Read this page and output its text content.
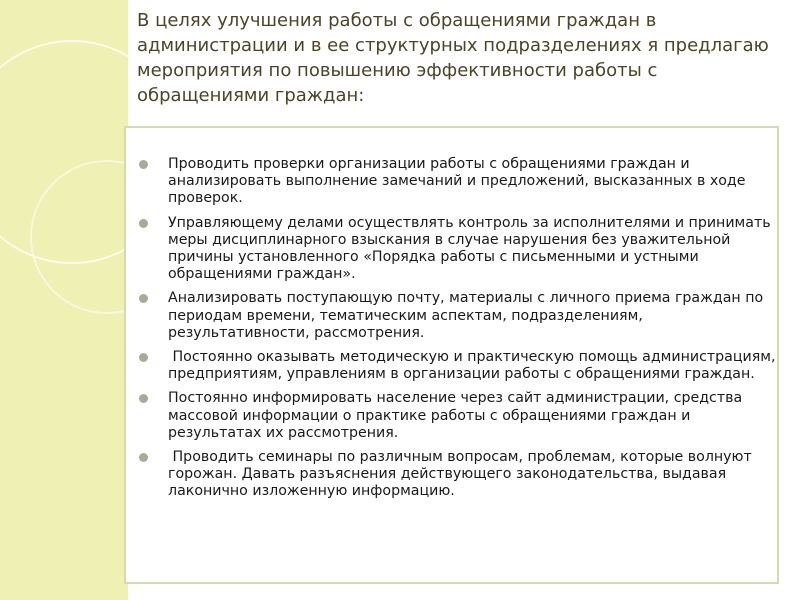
В целях улучшения работы с обращениями граждан в администрации и в ее структурных подразделениях я предлагаю мероприятия по повышению эффективности работы с обращениями граждан:
Проводить проверки организации работы с обращениями граждан и анализировать выполнение замечаний и предложений, высказанных в ходе проверок.
Управляющему делами осуществлять контроль за исполнителями и принимать меры дисциплинарного взыскания в случае нарушения без уважительной причины установленного «Порядка работы с письменными и устными обращениями граждан».
Анализировать поступающую почту, материалы с личного приема граждан по периодам времени, тематическим аспектам, подразделениям, результативности, рассмотрения.
Постоянно оказывать методическую и практическую помощь администрациям, предприятиям, управлениям в организации работы с обращениями граждан.
Постоянно информировать население через сайт администрации, средства массовой информации о практике работы с обращениями граждан и результатах их рассмотрения.
Проводить семинары по различным вопросам, проблемам, которые волнуют горожан. Давать разъяснения действующего законодательства, выдавая лаконично изложенную информацию.
